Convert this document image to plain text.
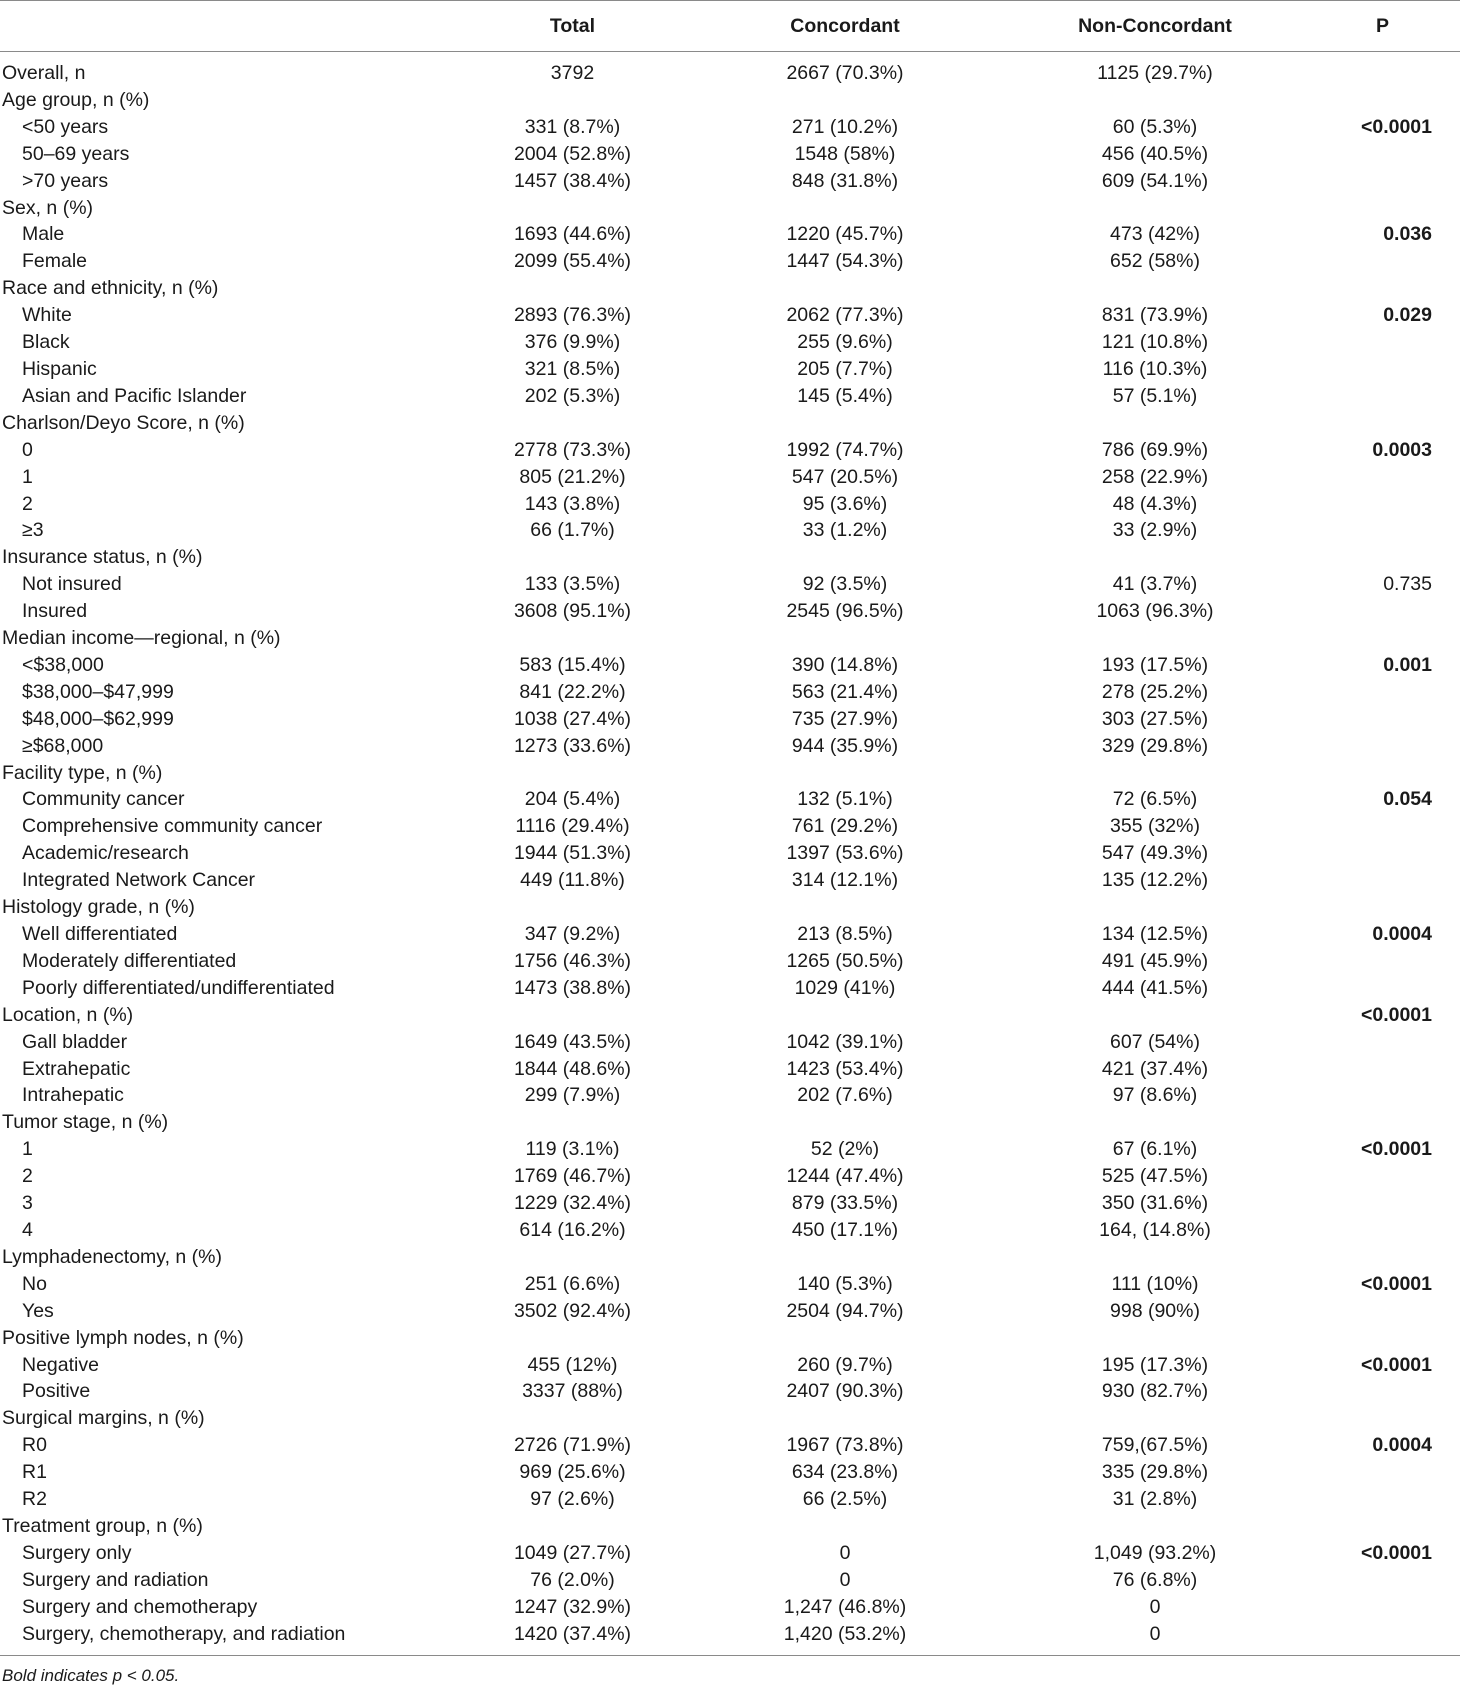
	Total	Concordant	Non-Concordant	P

Overall, n	3792	2667 (70.3%)	1125 (29.7%)	
Age group, n (%)				
<50 years	331 (8.7%)	271 (10.2%)	60 (5.3%)	<0.0001
50–69 years	2004 (52.8%)	1548 (58%)	456 (40.5%)	
>70 years	1457 (38.4%)	848 (31.8%)	609 (54.1%)	
Sex, n (%)				
Male	1693 (44.6%)	1220 (45.7%)	473 (42%)	0.036
Female	2099 (55.4%)	1447 (54.3%)	652 (58%)	
Race and ethnicity, n (%)				
White	2893 (76.3%)	2062 (77.3%)	831 (73.9%)	0.029
Black	376 (9.9%)	255 (9.6%)	121 (10.8%)	
Hispanic	321 (8.5%)	205 (7.7%)	116 (10.3%)	
Asian and Pacific Islander	202 (5.3%)	145 (5.4%)	57 (5.1%)	
Charlson/Deyo Score, n (%)				
0	2778 (73.3%)	1992 (74.7%)	786 (69.9%)	0.0003
1	805 (21.2%)	547 (20.5%)	258 (22.9%)	
2	143 (3.8%)	95 (3.6%)	48 (4.3%)	
≥3	66 (1.7%)	33 (1.2%)	33 (2.9%)	
Insurance status, n (%)				
Not insured	133 (3.5%)	92 (3.5%)	41 (3.7%)	0.735
Insured	3608 (95.1%)	2545 (96.5%)	1063 (96.3%)	
Median income—regional, n (%)				
<$38,000	583 (15.4%)	390 (14.8%)	193 (17.5%)	0.001
$38,000–$47,999	841 (22.2%)	563 (21.4%)	278 (25.2%)	
$48,000–$62,999	1038 (27.4%)	735 (27.9%)	303 (27.5%)	
≥$68,000	1273 (33.6%)	944 (35.9%)	329 (29.8%)	
Facility type, n (%)				
Community cancer	204 (5.4%)	132 (5.1%)	72 (6.5%)	0.054
Comprehensive community cancer	1116 (29.4%)	761 (29.2%)	355 (32%)	
Academic/research	1944 (51.3%)	1397 (53.6%)	547 (49.3%)	
Integrated Network Cancer	449 (11.8%)	314 (12.1%)	135 (12.2%)	
Histology grade, n (%)				
Well differentiated	347 (9.2%)	213 (8.5%)	134 (12.5%)	0.0004
Moderately differentiated	1756 (46.3%)	1265 (50.5%)	491 (45.9%)	
Poorly differentiated/undifferentiated	1473 (38.8%)	1029 (41%)	444 (41.5%)	
Location, n (%)				<0.0001
Gall bladder	1649 (43.5%)	1042 (39.1%)	607 (54%)	
Extrahepatic	1844 (48.6%)	1423 (53.4%)	421 (37.4%)	
Intrahepatic	299 (7.9%)	202 (7.6%)	97 (8.6%)	
Tumor stage, n (%)				
1	119 (3.1%)	52 (2%)	67 (6.1%)	<0.0001
2	1769 (46.7%)	1244 (47.4%)	525 (47.5%)	
3	1229 (32.4%)	879 (33.5%)	350 (31.6%)	
4	614 (16.2%)	450 (17.1%)	164, (14.8%)	
Lymphadenectomy, n (%)				
No	251 (6.6%)	140 (5.3%)	111 (10%)	<0.0001
Yes	3502 (92.4%)	2504 (94.7%)	998 (90%)	
Positive lymph nodes, n (%)				
Negative	455 (12%)	260 (9.7%)	195 (17.3%)	<0.0001
Positive	3337 (88%)	2407 (90.3%)	930 (82.7%)	
Surgical margins, n (%)				
R0	2726 (71.9%)	1967 (73.8%)	759,(67.5%)	0.0004
R1	969 (25.6%)	634 (23.8%)	335 (29.8%)	
R2	97 (2.6%)	66 (2.5%)	31 (2.8%)	
Treatment group, n (%)				
Surgery only	1049 (27.7%)	0	1,049 (93.2%)	<0.0001
Surgery and radiation	76 (2.0%)	0	76 (6.8%)	
Surgery and chemotherapy	1247 (32.9%)	1,247 (46.8%)	0	
Surgery, chemotherapy, and radiation	1420 (37.4%)	1,420 (53.2%)	0	
Bold indicates p < 0.05.
